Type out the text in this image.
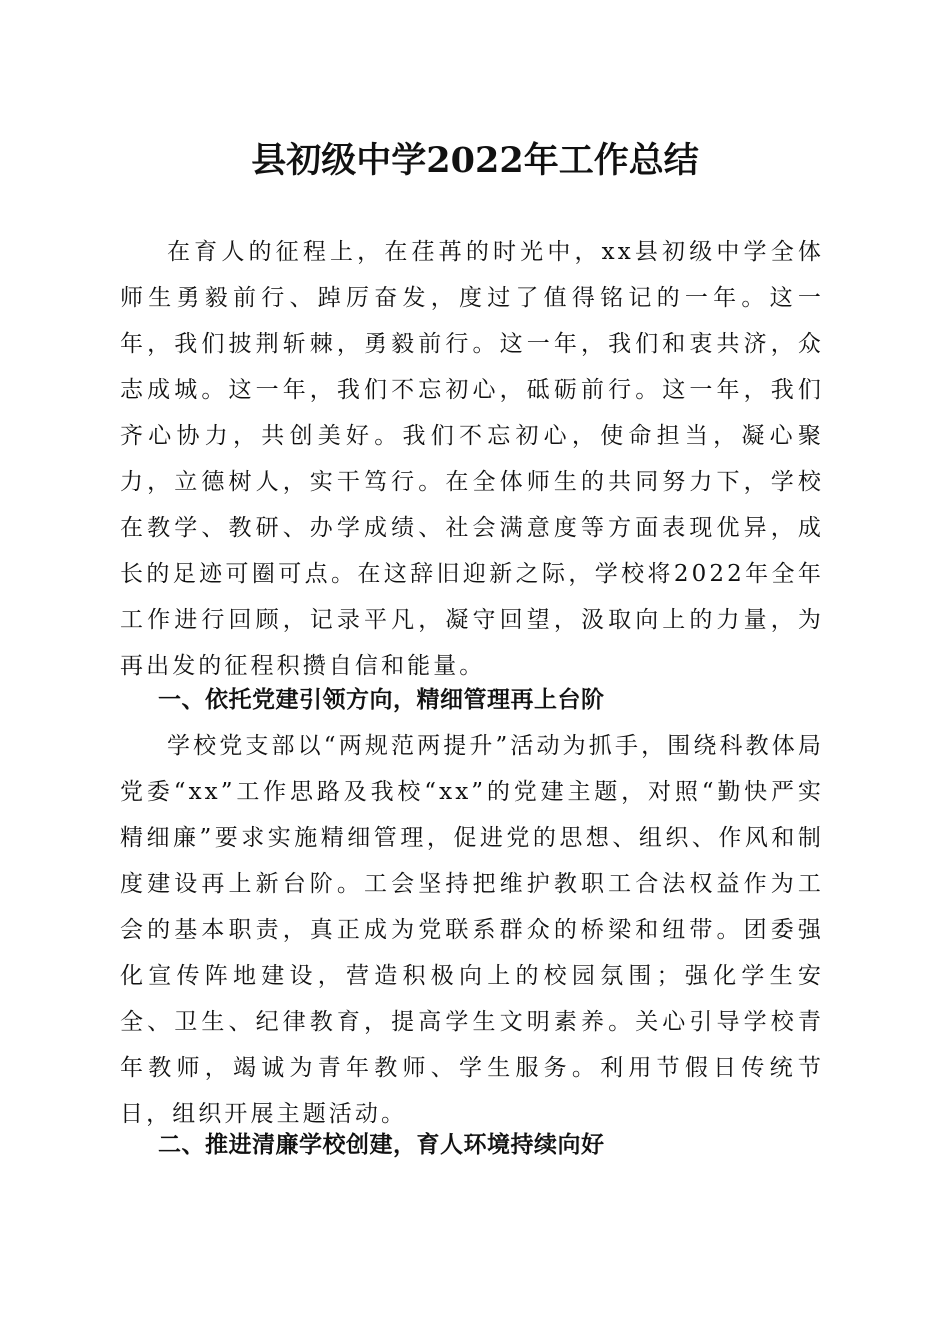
县初级中学2022年工作总结

在育人的征程上，在荏苒的时光中，xx县初级中学全体师生勇毅前行、踔厉奋发，度过了值得铭记的一年。这一年，我们披荆斩棘，勇毅前行。这一年，我们和衷共济，众志成城。这一年，我们不忘初心，砥砺前行。这一年，我们齐心协力，共创美好。我们不忘初心，使命担当，凝心聚力，立德树人，实干笃行。在全体师生的共同努力下，学校在教学、教研、办学成绩、社会满意度等方面表现优异，成长的足迹可圈可点。在这辞旧迎新之际，学校将2022年全年工作进行回顾，记录平凡，凝守回望，汲取向上的力量，为再出发的征程积攒自信和能量。

一、依托党建引领方向，精细管理再上台阶

学校党支部以“两规范两提升”活动为抓手，围绕科教体局党委“xx”工作思路及我校“xx”的党建主题，对照“勤快严实精细廉”要求实施精细管理，促进党的思想、组织、作风和制度建设再上新台阶。工会坚持把维护教职工合法权益作为工会的基本职责，真正成为党联系群众的桥梁和纽带。团委强化宣传阵地建设，营造积极向上的校园氛围；强化学生安全、卫生、纪律教育，提高学生文明素养。关心引导学校青年教师，竭诚为青年教师、学生服务。利用节假日传统节日，组织开展主题活动。

二、推进清廉学校创建，育人环境持续向好
